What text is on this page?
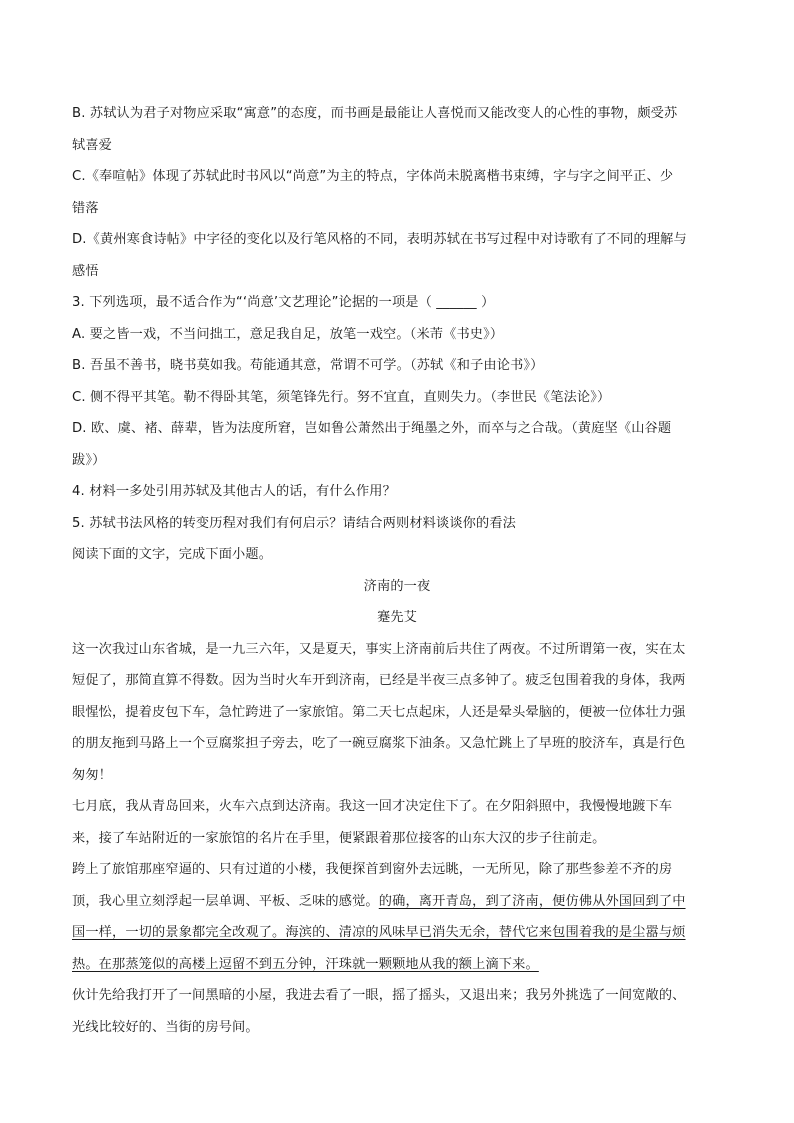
B. 苏轼认为君子对物应采取“寓意”的态度，而书画是最能让人喜悦而又能改变人的心性的事物，颇受苏
轼喜爱
C.《奉喧帖》体现了苏轼此时书风以“尚意”为主的特点，字体尚未脱离楷书束缚，字与字之间平正、少
错落
D.《黄州寒食诗帖》中字径的变化以及行笔风格的不同，表明苏轼在书写过程中对诗歌有了不同的理解与
感悟
3. 下列选项，最不适合作为“‘尚意’文艺理论”论据的一项是（ ______ ）
A. 要之皆一戏，不当问拙工，意足我自足，放笔一戏空。（米芾《书史》）
B. 吾虽不善书，晓书莫如我。苟能通其意，常谓不可学。（苏轼《和子由论书》）
C. 侧不得平其笔。勒不得卧其笔，须笔锋先行。努不宜直，直则失力。（李世民《笔法论》）
D. 欧、虞、褚、薛辈，皆为法度所窘，岂如鲁公萧然出于绳墨之外，而卒与之合哉。（黄庭坚《山谷题
跋》）
4. 材料一多处引用苏轼及其他古人的话，有什么作用？
5. 苏轼书法风格的转变历程对我们有何启示？请结合两则材料谈谈你的看法
阅读下面的文字，完成下面小题。
济南的一夜
蹇先艾
这一次我过山东省城，是一九三六年，又是夏天，事实上济南前后共住了两夜。不过所谓第一夜，实在太
短促了，那简直算不得数。因为当时火车开到济南，已经是半夜三点多钟了。疲乏包围着我的身体，我两
眼惺忪，提着皮包下车，急忙跨进了一家旅馆。第二天七点起床，人还是晕头晕脑的，便被一位体壮力强
的朋友拖到马路上一个豆腐浆担子旁去，吃了一碗豆腐浆下油条。又急忙跳上了早班的胶济车，真是行色
匆匆！
七月底，我从青岛回来，火车六点到达济南。我这一回才决定住下了。在夕阳斜照中，我慢慢地踱下车
来，接了车站附近的一家旅馆的名片在手里，便紧跟着那位接客的山东大汉的步子往前走。
跨上了旅馆那座窄逼的、只有过道的小楼，我便探首到窗外去远眺，一无所见，除了那些参差不齐的房
顶，我心里立刻浮起一层单调、平板、乏味的感觉。的确，离开青岛，到了济南，便仿佛从外国回到了中
国一样，一切的景象都完全改观了。海滨的、清凉的风味早已消失无余，替代它来包围着我的是尘嚣与烦
热。在那蒸笼似的高楼上逗留不到五分钟，汗珠就一颗颗地从我的额上滴下来。
伙计先给我打开了一间黑暗的小屋，我进去看了一眼，摇了摇头，又退出来；我另外挑选了一间宽敞的、
光线比较好的、当街的房号间。
